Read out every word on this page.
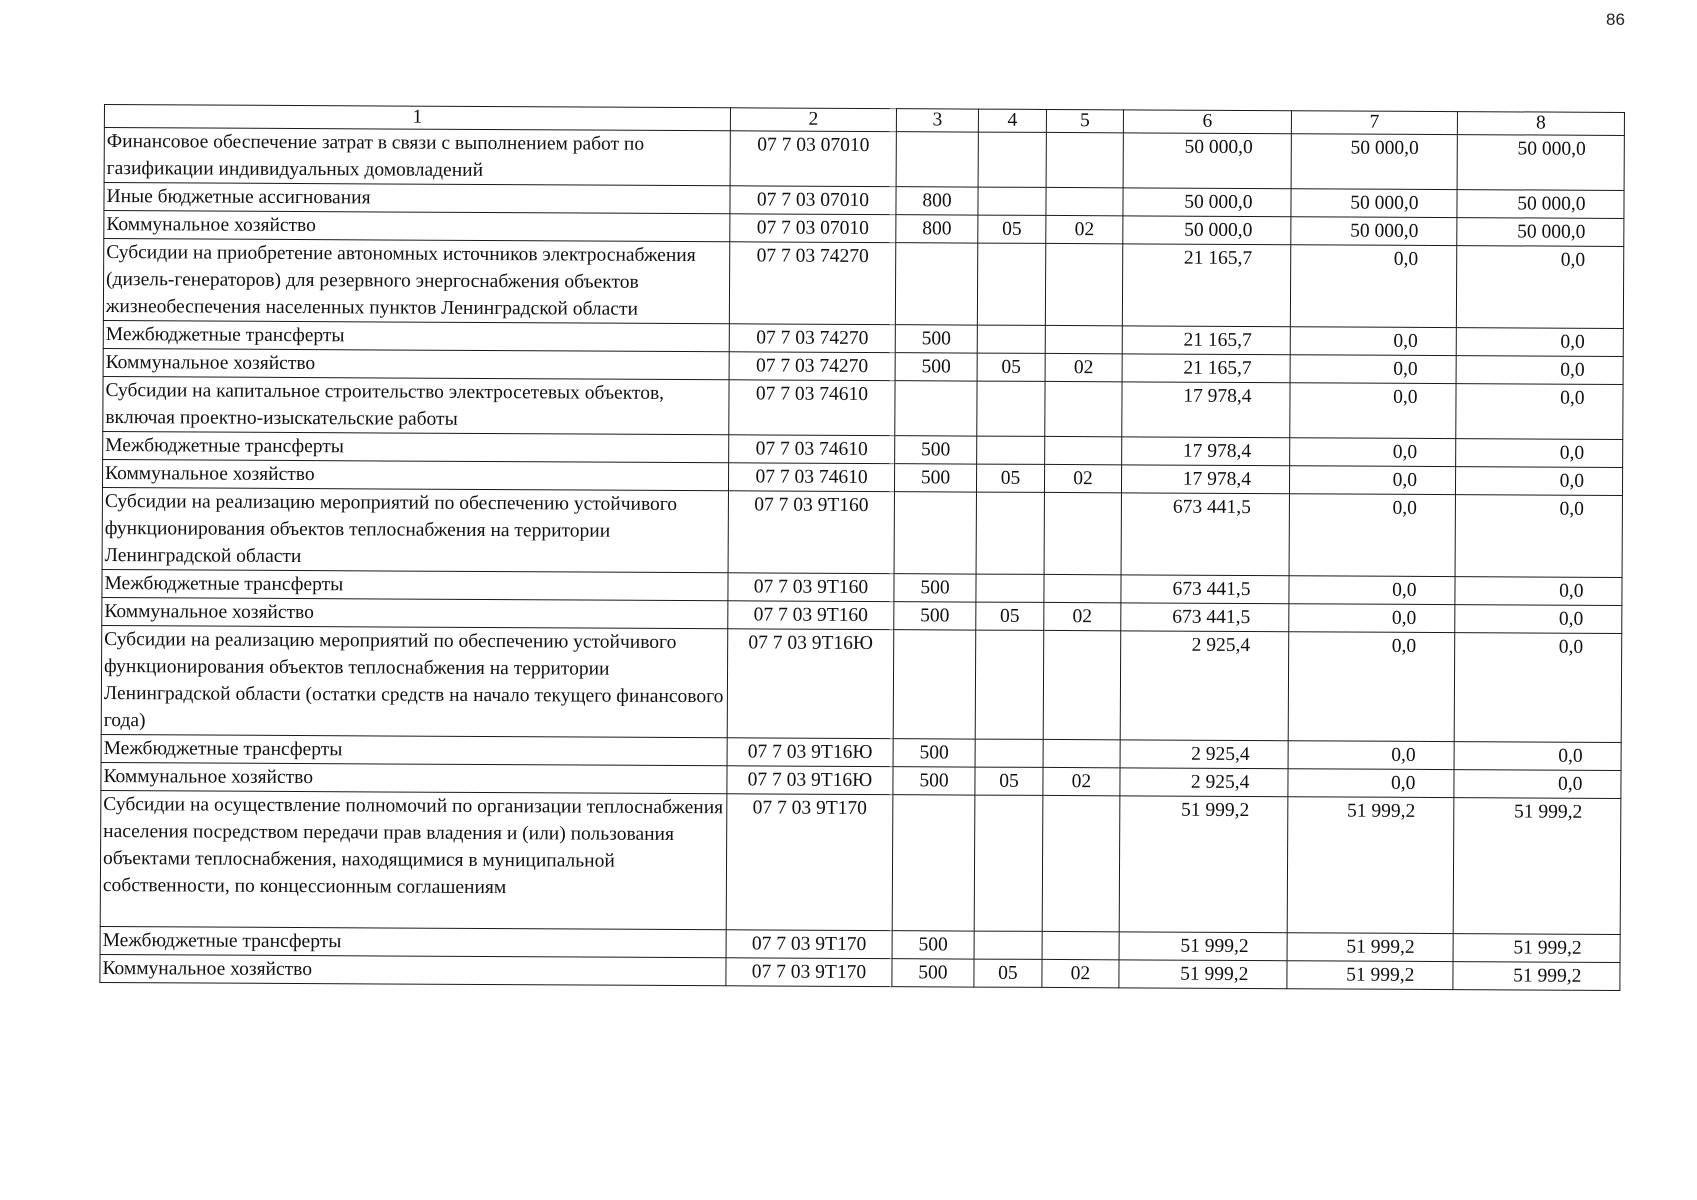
86
1	2	3	4	5	6	7	8
Финансовое обеспечение затрат в связи с выполнением работ по газификации индивидуальных домовладений	07 7 03 07010				50 000,0	50 000,0	50 000,0
Иные бюджетные ассигнования	07 7 03 07010	800			50 000,0	50 000,0	50 000,0
Коммунальное хозяйство	07 7 03 07010	800	05	02	50 000,0	50 000,0	50 000,0
Субсидии на приобретение автономных источников электроснабжения (дизель-генераторов) для резервного энергоснабжения объектов жизнеобеспечения населенных пунктов Ленинградской области	07 7 03 74270				21 165,7	0,0	0,0
Межбюджетные трансферты	07 7 03 74270	500			21 165,7	0,0	0,0
Коммунальное хозяйство	07 7 03 74270	500	05	02	21 165,7	0,0	0,0
Субсидии на капитальное строительство электросетевых объектов, включая проектно-изыскательские работы	07 7 03 74610				17 978,4	0,0	0,0
Межбюджетные трансферты	07 7 03 74610	500			17 978,4	0,0	0,0
Коммунальное хозяйство	07 7 03 74610	500	05	02	17 978,4	0,0	0,0
Субсидии на реализацию мероприятий по обеспечению устойчивого функционирования объектов теплоснабжения на территории Ленинградской области	07 7 03 9Т160				673 441,5	0,0	0,0
Межбюджетные трансферты	07 7 03 9Т160	500			673 441,5	0,0	0,0
Коммунальное хозяйство	07 7 03 9Т160	500	05	02	673 441,5	0,0	0,0
Субсидии на реализацию мероприятий по обеспечению устойчивого функционирования объектов теплоснабжения на территории Ленинградской области (остатки средств на начало текущего финансового года)	07 7 03 9Т16Ю				2 925,4	0,0	0,0
Межбюджетные трансферты	07 7 03 9Т16Ю	500			2 925,4	0,0	0,0
Коммунальное хозяйство	07 7 03 9Т16Ю	500	05	02	2 925,4	0,0	0,0
Субсидии на осуществление полномочий по организации теплоснабжения населения посредством передачи прав владения и (или) пользования объектами теплоснабжения, находящимися в муниципальной собственности, по концессионным соглашениям	07 7 03 9Т170				51 999,2	51 999,2	51 999,2
Межбюджетные трансферты	07 7 03 9Т170	500			51 999,2	51 999,2	51 999,2
Коммунальное хозяйство	07 7 03 9Т170	500	05	02	51 999,2	51 999,2	51 999,2
